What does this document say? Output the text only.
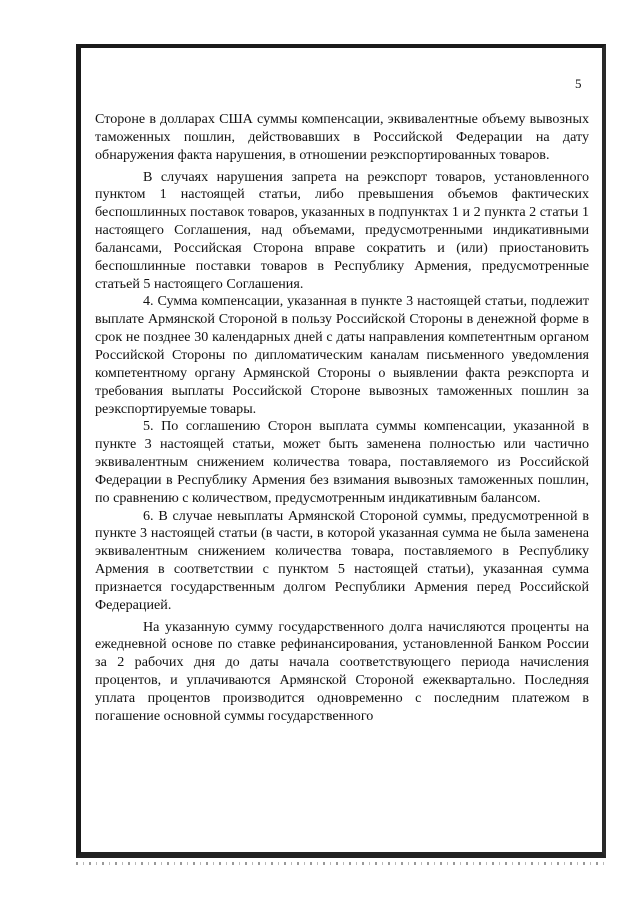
5

Стороне в долларах США суммы компенсации, эквивалентные объему вывозных таможенных пошлин, действовавших в Российской Федерации на дату обнаружения факта нарушения, в отношении реэкспортированных товаров.

В случаях нарушения запрета на реэкспорт товаров, установленного пунктом 1 настоящей статьи, либо превышения объемов фактических беспошлинных поставок товаров, указанных в подпунктах 1 и 2 пункта 2 статьи 1 настоящего Соглашения, над объемами, предусмотренными индикативными балансами, Российская Сторона вправе сократить и (или) приостановить беспошлинные поставки товаров в Республику Армения, предусмотренные статьей 5 настоящего Соглашения.

4. Сумма компенсации, указанная в пункте 3 настоящей статьи, подлежит выплате Армянской Стороной в пользу Российской Стороны в денежной форме в срок не позднее 30 календарных дней с даты направления компетентным органом Российской Стороны по дипломатическим каналам письменного уведомления компетентному органу Армянской Стороны о выявлении факта реэкспорта и требования выплаты Российской Стороне вывозных таможенных пошлин за реэкспортируемые товары.

5. По соглашению Сторон выплата суммы компенсации, указанной в пункте 3 настоящей статьи, может быть заменена полностью или частично эквивалентным снижением количества товара, поставляемого из Российской Федерации в Республику Армения без взимания вывозных таможенных пошлин, по сравнению с количеством, предусмотренным индикативным балансом.

6. В случае невыплаты Армянской Стороной суммы, предусмотренной в пункте 3 настоящей статьи (в части, в которой указанная сумма не была заменена эквивалентным снижением количества товара, поставляемого в Республику Армения в соответствии с пунктом 5 настоящей статьи), указанная сумма признается государственным долгом Республики Армения перед Российской Федерацией.

На указанную сумму государственного долга начисляются проценты на ежедневной основе по ставке рефинансирования, установленной Банком России за 2 рабочих дня до даты начала соответствующего периода начисления процентов, и уплачиваются Армянской Стороной ежеквартально. Последняя уплата процентов производится одновременно с последним платежом в погашение основной суммы государственного
